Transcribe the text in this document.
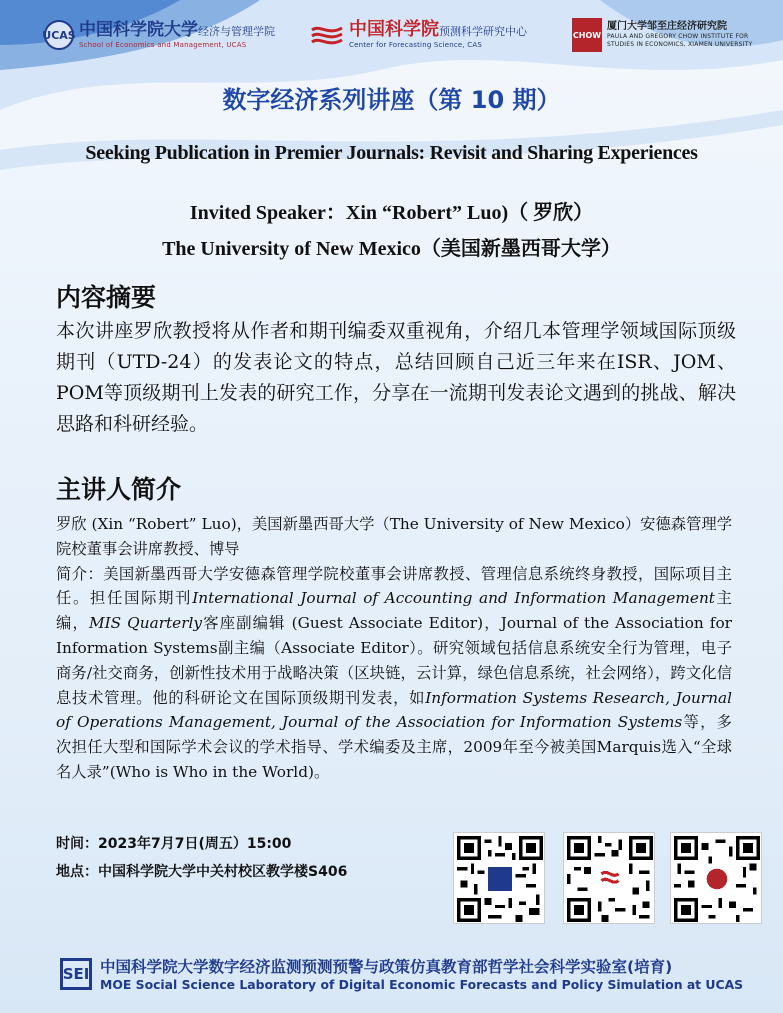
UCAS 中国科学院大学经济与管理学院
School of Economics and Management, UCAS
中国科学院预测科学研究中心
Center for Forecasting Science, CAS
CHOW
厦门大学邹至庄经济研究院
PAULA AND GREGORY CHOW INSTITUTE FOR STUDIES IN ECONOMICS, XIAMEN UNIVERSITY
数字经济系列讲座（第 10 期）
Seeking Publication in Premier Journals: Revisit and Sharing Experiences
Invited Speaker：Xin “Robert” Luo)（ 罗欣）
The University of New Mexico（美国新墨西哥大学）
内容摘要
本次讲座罗欣教授将从作者和期刊编委双重视角，介绍几本管理学领域国际顶级期刊（UTD-24）的发表论文的特点，总结回顾自己近三年来在ISR、JOM、POM等顶级期刊上发表的研究工作，分享在一流期刊发表论文遇到的挑战、解决思路和科研经验。
主讲人简介

罗欣 (Xin “Robert” Luo)，美国新墨西哥大学（The University of New Mexico）安德森管理学院校董事会讲席教授、博导

简介：美国新墨西哥大学安德森管理学院校董事会讲席教授、管理信息系统终身教授，国际项目主任。担任国际期刊International Journal of Accounting and Information Management主编，MIS Quarterly客座副编辑 (Guest Associate Editor)，Journal of the Association for Information Systems副主编（Associate Editor）。研究领域包括信息系统安全行为管理，电子商务/社交商务，创新性技术用于战略决策（区块链，云计算，绿色信息系统，社会网络），跨文化信息技术管理。他的科研论文在国际顶级期刊发表，如Information Systems Research, Journal of Operations Management, Journal of the Association for Information Systems等，多次担任大型和国际学术会议的学术指导、学术编委及主席，2009年至今被美国Marquis选入“全球名人录”(Who is Who in the World)。

时间：2023年7月7日(周五）15:00
地点：中国科学院大学中关村校区教学楼S406
SEI 中国科学院大学数字经济监测预测预警与政策仿真教育部哲学社会科学实验室(培育)
MOE Social Science Laboratory of Digital Economic Forecasts and Policy Simulation at UCAS
